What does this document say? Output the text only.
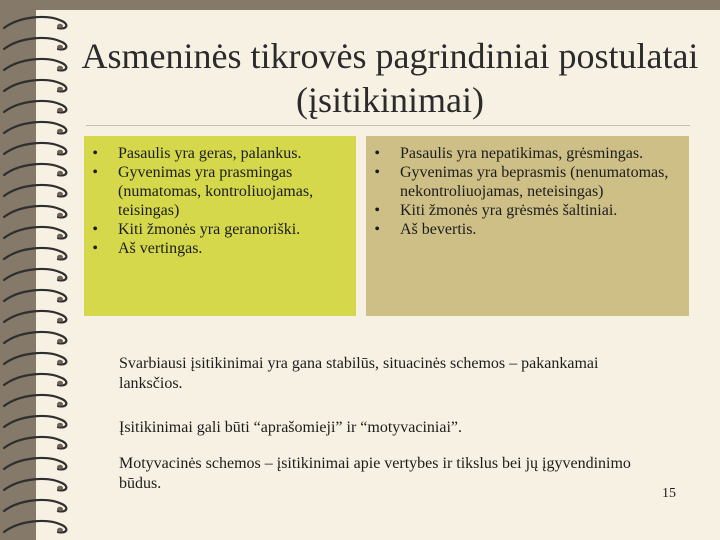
Asmeninės tikrovės pagrindiniai postulatai (įsitikinimai)
• Pasaulis yra geras, palankus.
• Gyvenimas yra prasmingas (numatomas, kontroliuojamas, teisingas)
• Kiti žmonės yra geranoriški.
• Aš vertingas.
• Pasaulis yra nepatikimas, grėsmingas.
• Gyvenimas yra beprasmis (nenumatomas, nekontroliuojamas, neteisingas)
• Kiti žmonės yra grėsmės šaltiniai.
• Aš bevertis.
Svarbiausi įsitikinimai yra gana stabilūs, situacinės schemos – pakankamai lanksčios.
Įsitikinimai gali būti “aprašomieji” ir “motyvaciniai”.
Motyvacinės schemos – įsitikinimai apie vertybes ir tikslus bei jų įgyvendinimo būdus.
15
